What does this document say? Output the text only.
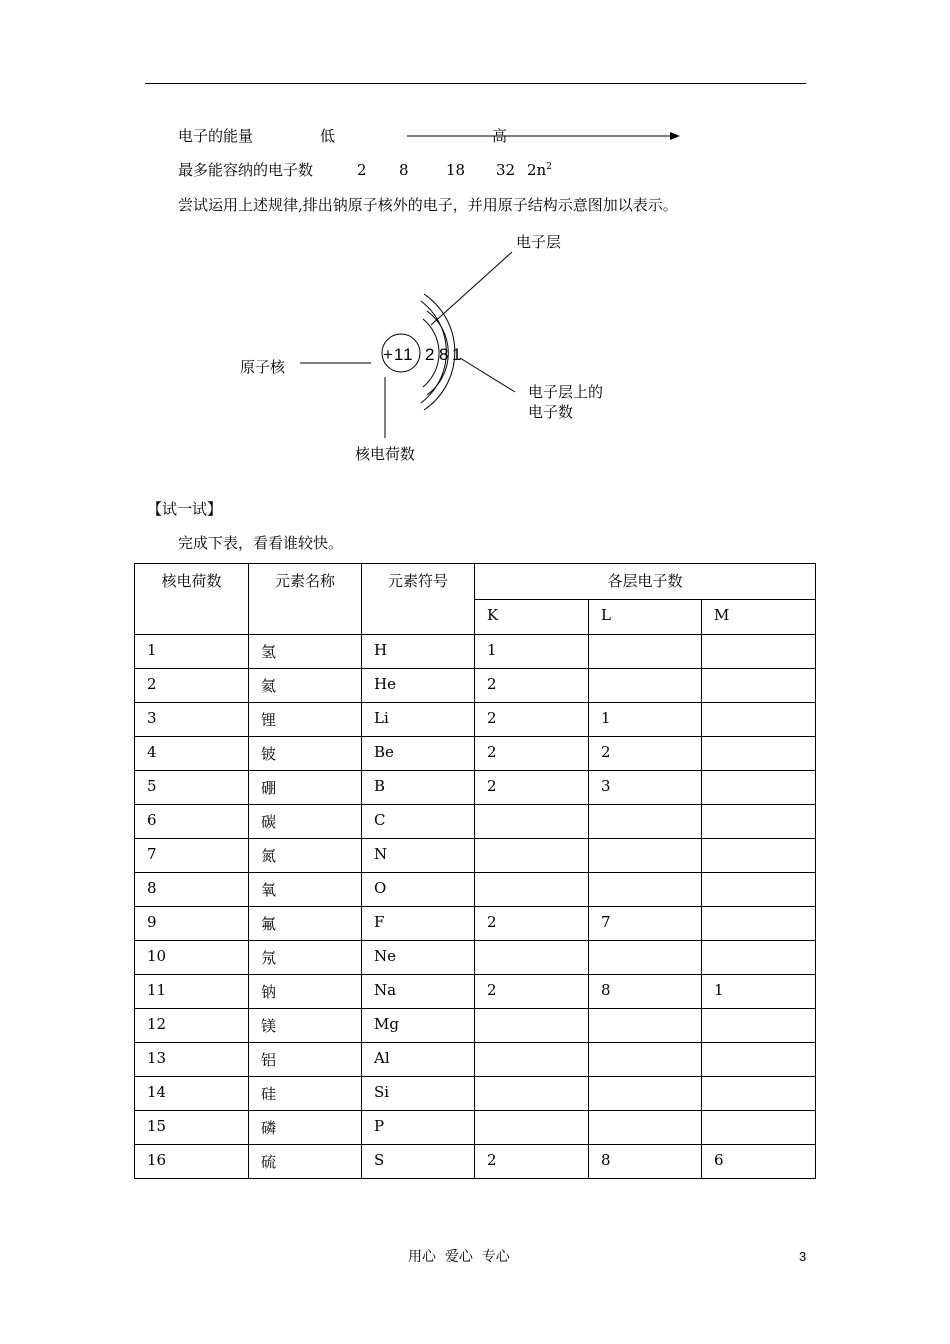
电子的能量	低	高
最多能容纳的电子数	2 8 18 32 $2n^2$
尝试运用上述规律,排出钠原子核外的电子，并用原子结构示意图加以表示。
+11 2 8 1
电子层
原子核
电子层上的
电子数
核电荷数
【试一试】
完成下表，看看谁较快。
核电荷数	元素名称	元素符号	各层电子数		
			K	L	M
1	氢	H	1		
2	氦	He	2		
3	锂	Li	2	1	
4	铍	Be	2	2	
5	硼	B	2	3	
6	碳	C			
7	氮	N			
8	氧	O			
9	氟	F	2	7	
10	氖	Ne			
11	钠	Na	2	8	1
12	镁	Mg			
13	铝	Al			
14	硅	Si			
15	磷	P			
16	硫	S	2	8	6
用心  爱心  专心	3
